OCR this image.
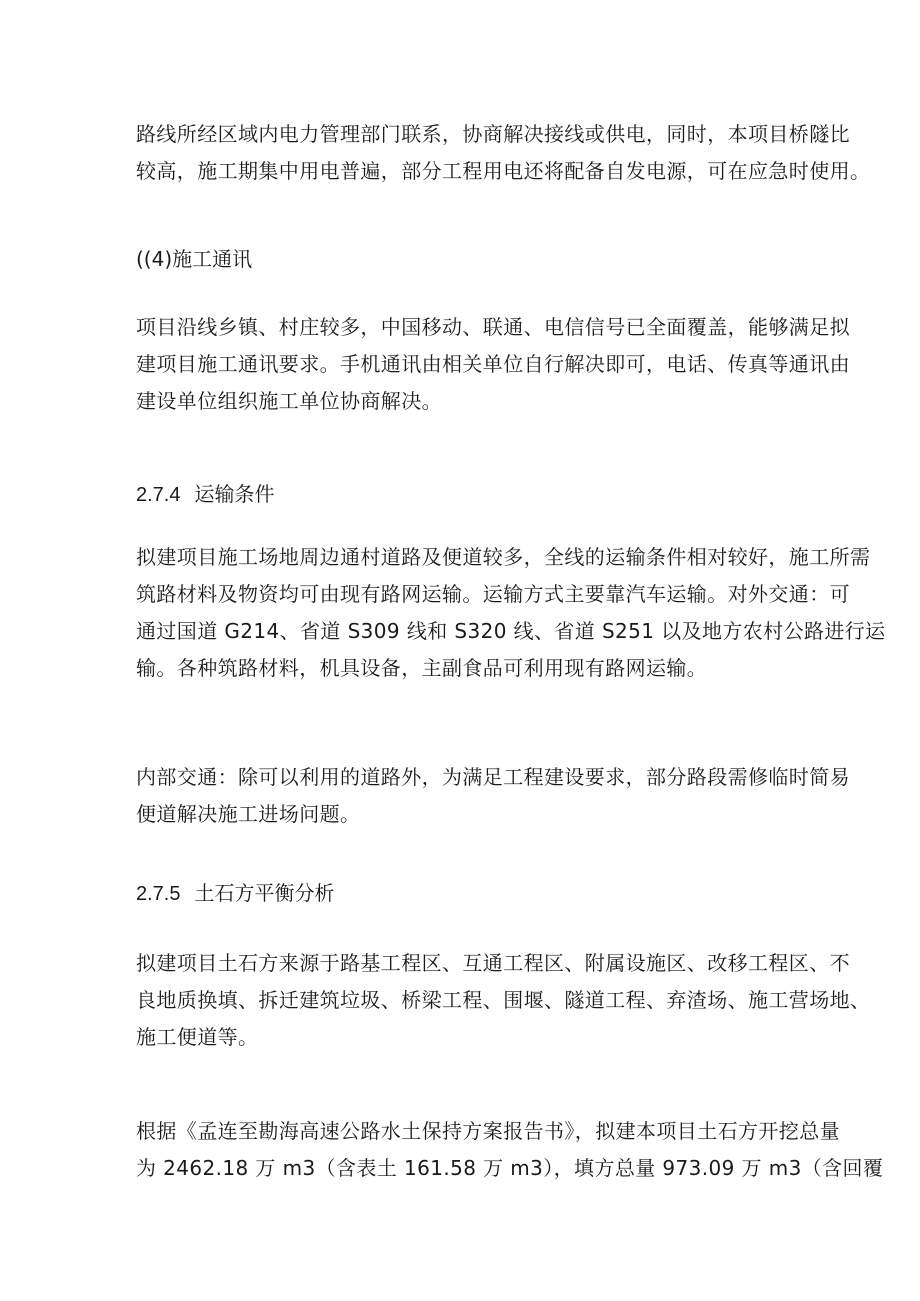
路线所经区域内电力管理部门联系，协商解决接线或供电，同时，本项目桥隧比
较高，施工期集中用电普遍，部分工程用电还将配备自发电源，可在应急时使用。
((4)施工通讯
项目沿线乡镇、村庄较多，中国移动、联通、电信信号已全面覆盖，能够满足拟
建项目施工通讯要求。手机通讯由相关单位自行解决即可，电话、传真等通讯由
建设单位组织施工单位协商解决。
2.7.4 运输条件
拟建项目施工场地周边通村道路及便道较多，全线的运输条件相对较好，施工所需
筑路材料及物资均可由现有路网运输。运输方式主要靠汽车运输。对外交通：可
通过国道 G214、省道 S309 线和 S320 线、省道 S251 以及地方农村公路进行运
输。各种筑路材料，机具设备，主副食品可利用现有路网运输。
内部交通：除可以利用的道路外，为满足工程建设要求，部分路段需修临时简易
便道解决施工进场问题。
2.7.5 土石方平衡分析
拟建项目土石方来源于路基工程区、互通工程区、附属设施区、改移工程区、不
良地质换填、拆迁建筑垃圾、桥梁工程、围堰、隧道工程、弃渣场、施工营场地、
施工便道等。
根据《孟连至勘海高速公路水土保持方案报告书》，拟建本项目土石方开挖总量
为 2462.18 万 m3（含表土 161.58 万 m3），填方总量 973.09 万 m3（含回覆
